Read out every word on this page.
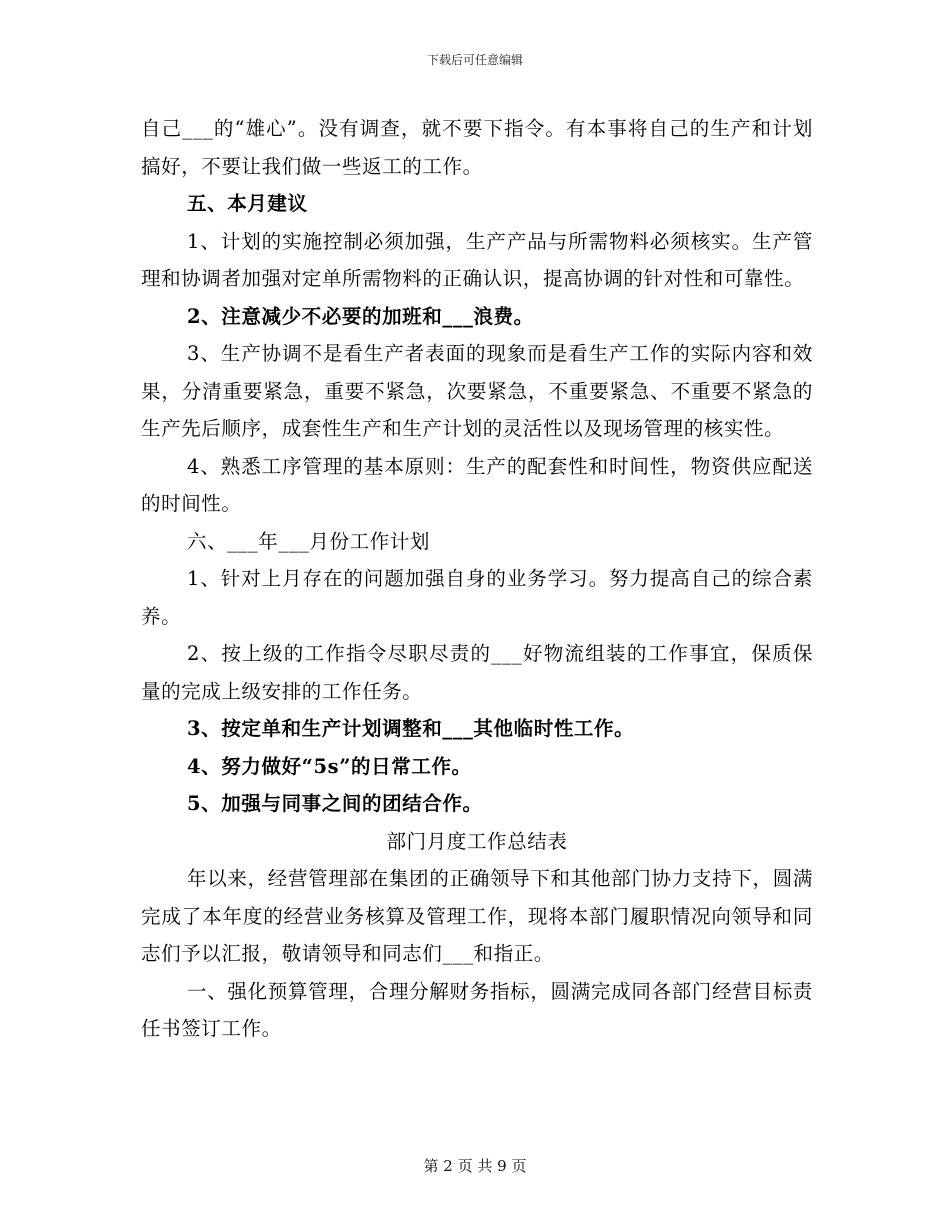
下载后可任意编辑

自己___的“雄心”。没有调查，就不要下指令。有本事将自己的生产和计划搞好，不要让我们做一些返工的工作。

五、本月建议

1、计划的实施控制必须加强，生产产品与所需物料必须核实。生产管理和协调者加强对定单所需物料的正确认识，提高协调的针对性和可靠性。

2、注意减少不必要的加班和___浪费。

3、生产协调不是看生产者表面的现象而是看生产工作的实际内容和效果，分清重要紧急，重要不紧急，次要紧急，不重要紧急、不重要不紧急的生产先后顺序，成套性生产和生产计划的灵活性以及现场管理的核实性。

4、熟悉工序管理的基本原则：生产的配套性和时间性，物资供应配送的时间性。

六、___年___月份工作计划

1、针对上月存在的问题加强自身的业务学习。努力提高自己的综合素养。

2、按上级的工作指令尽职尽责的___好物流组装的工作事宜，保质保量的完成上级安排的工作任务。

3、按定单和生产计划调整和___其他临时性工作。

4、努力做好“5s”的日常工作。

5、加强与同事之间的团结合作。

部门月度工作总结表

年以来，经营管理部在集团的正确领导下和其他部门协力支持下，圆满完成了本年度的经营业务核算及管理工作，现将本部门履职情况向领导和同志们予以汇报，敬请领导和同志们___和指正。

一、强化预算管理，合理分解财务指标，圆满完成同各部门经营目标责任书签订工作。

第 2 页 共 9 页
